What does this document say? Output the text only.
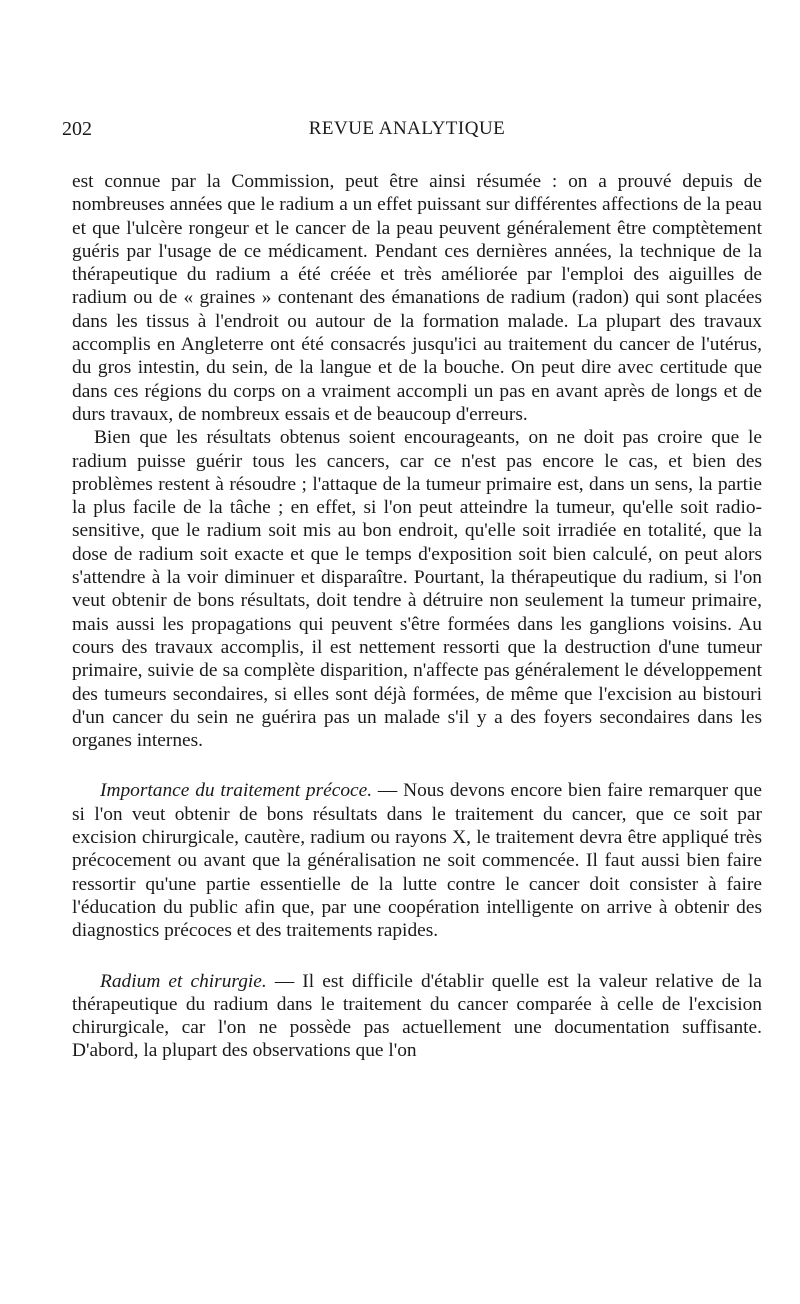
202	REVUE ANALYTIQUE

est connue par la Commission, peut être ainsi résumée : on a prouvé depuis de nombreuses années que le radium a un effet puissant sur différentes affections de la peau et que l'ulcère rongeur et le cancer de la peau peuvent généralement être comptètement guéris par l'usage de ce médicament. Pendant ces dernières années, la technique de la thérapeutique du radium a été créée et très améliorée par l'emploi des aiguilles de radium ou de « graines » contenant des émanations de radium (radon) qui sont placées dans les tissus à l'endroit ou autour de la formation malade. La plupart des travaux accomplis en Angleterre ont été consacrés jusqu'ici au traitement du cancer de l'utérus, du gros intestin, du sein, de la langue et de la bouche. On peut dire avec certitude que dans ces régions du corps on a vraiment accompli un pas en avant après de longs et de durs travaux, de nombreux essais et de beaucoup d'erreurs.

Bien que les résultats obtenus soient encourageants, on ne doit pas croire que le radium puisse guérir tous les cancers, car ce n'est pas encore le cas, et bien des problèmes restent à résoudre ; l'attaque de la tumeur primaire est, dans un sens, la partie la plus facile de la tâche ; en effet, si l'on peut atteindre la tumeur, qu'elle soit radio-sensitive, que le radium soit mis au bon endroit, qu'elle soit irradiée en totalité, que la dose de radium soit exacte et que le temps d'exposition soit bien calculé, on peut alors s'attendre à la voir diminuer et disparaître. Pourtant, la thérapeutique du radium, si l'on veut obtenir de bons résultats, doit tendre à détruire non seulement la tumeur primaire, mais aussi les propagations qui peuvent s'être formées dans les ganglions voisins. Au cours des travaux accomplis, il est nettement ressorti que la destruction d'une tumeur primaire, suivie de sa complète disparition, n'affecte pas généralement le développement des tumeurs secondaires, si elles sont déjà formées, de même que l'excision au bistouri d'un cancer du sein ne guérira pas un malade s'il y a des foyers secondaires dans les organes internes.

Importance du traitement précoce. — Nous devons encore bien faire remarquer que si l'on veut obtenir de bons résultats dans le traitement du cancer, que ce soit par excision chirurgicale, cautère, radium ou rayons X, le traitement devra être appliqué très précocement ou avant que la généralisation ne soit commencée. Il faut aussi bien faire ressortir qu'une partie essentielle de la lutte contre le cancer doit consister à faire l'éducation du public afin que, par une coopération intelligente on arrive à obtenir des diagnostics précoces et des traitements rapides.

Radium et chirurgie. — Il est difficile d'établir quelle est la valeur relative de la thérapeutique du radium dans le traitement du cancer comparée à celle de l'excision chirurgicale, car l'on ne possède pas actuellement une documentation suffisante. D'abord, la plupart des observations que l'on
